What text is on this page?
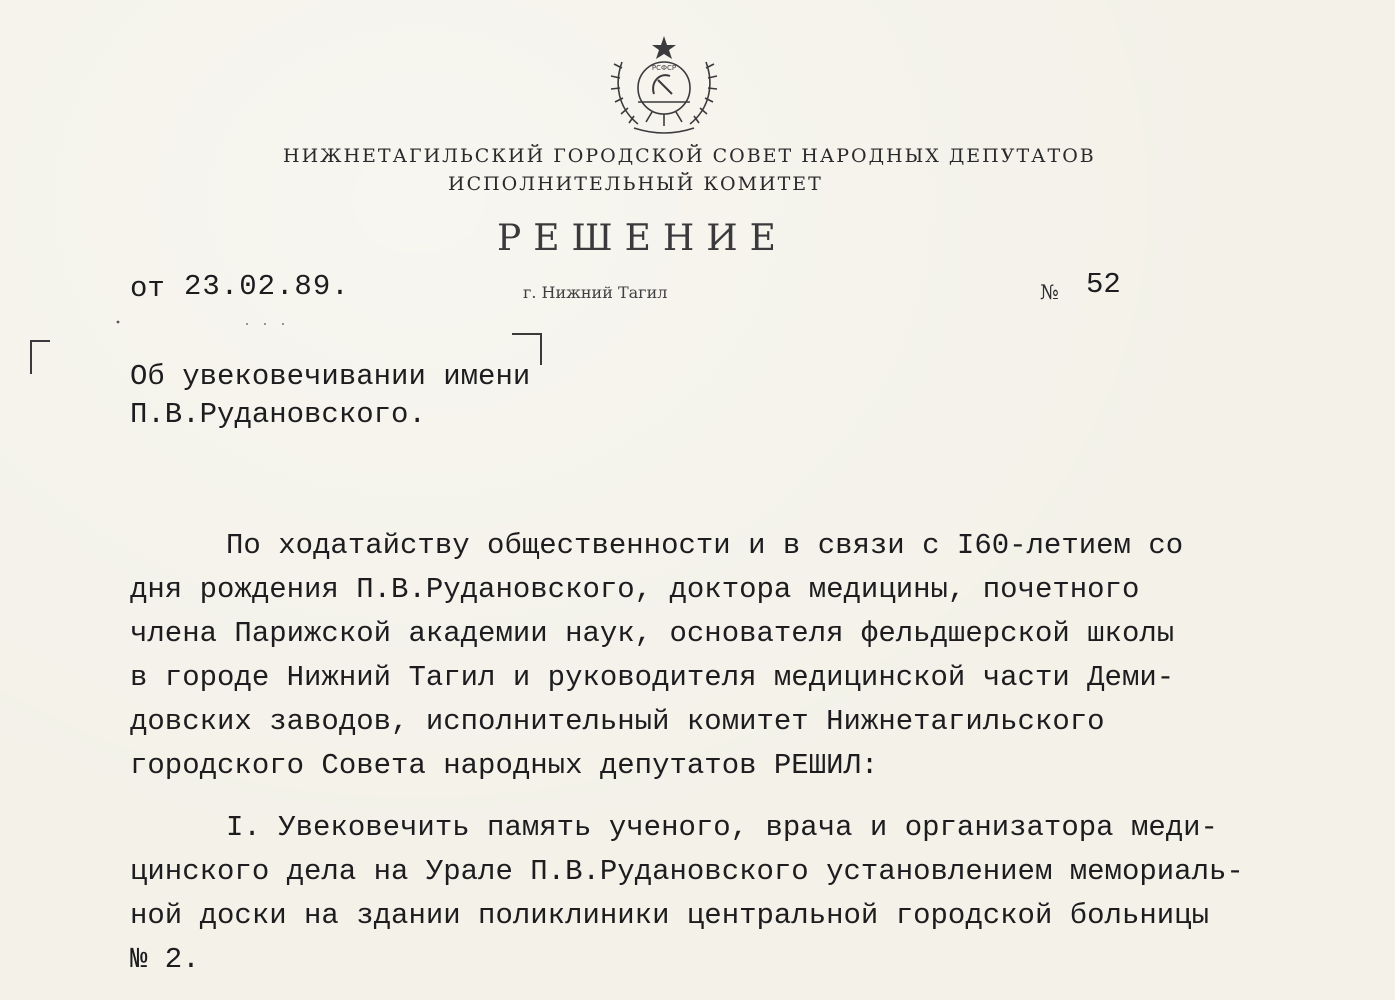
РСФСР
НИЖНЕТАГИЛЬСКИЙ ГОРОДСКОЙ СОВЕТ НАРОДНЫХ ДЕПУТАТОВ
ИСПОЛНИТЕЛЬНЫЙ КОМИТЕТ
РЕШЕНИЕ
от 23.02.89.	г. Нижний Тагил	№ 52
Об увековечивании имени
П.В.Рудановского.
По ходатайству общественности и в связи с I60-летием со
дня рождения П.В.Рудановского, доктора медицины, почетного
члена Парижской академии наук, основателя фельдшерской школы
в городе Нижний Тагил и руководителя медицинской части Деми-
довских заводов, исполнительный комитет Нижнетагильского
городского Совета народных депутатов РЕШИЛ:
I. Увековечить память ученого, врача и организатора меди-
цинского дела на Урале П.В.Рудановского установлением мемориаль-
ной доски на здании поликлиники центральной городской больницы
№ 2.
